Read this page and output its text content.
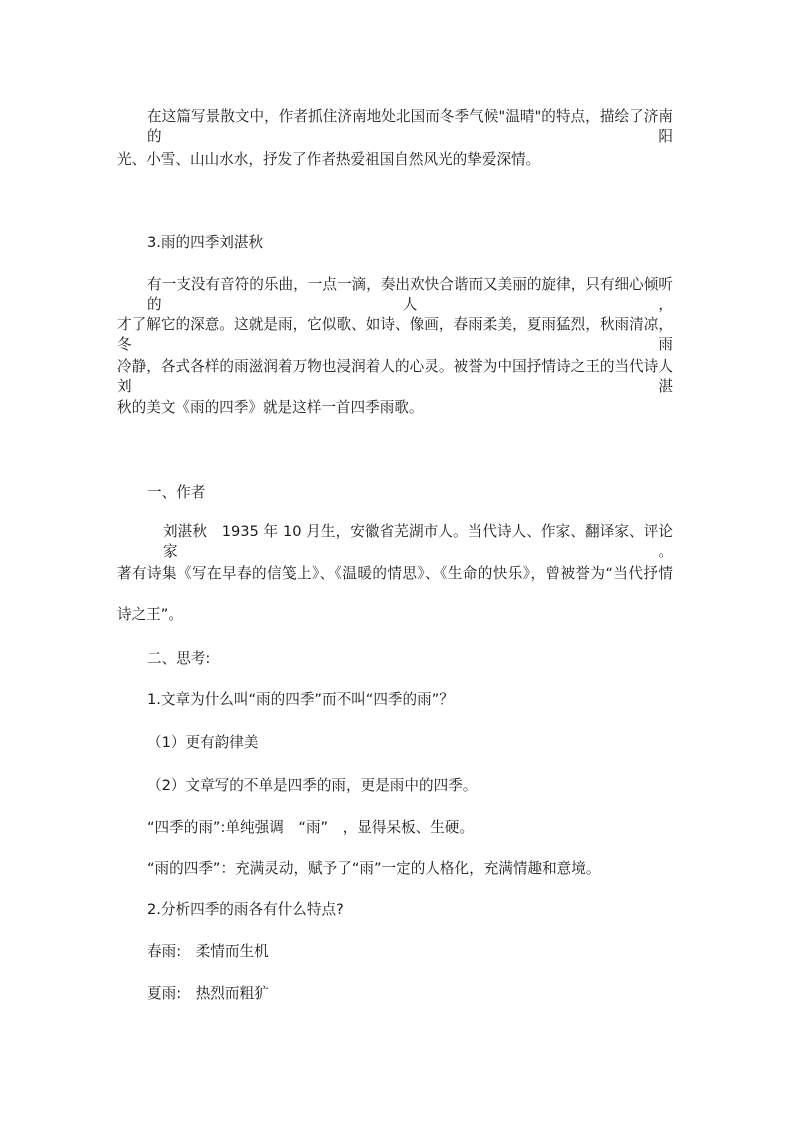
在这篇写景散文中，作者抓住济南地处北国而冬季气候"温晴"的特点，描绘了济南的阳
光、小雪、山山水水，抒发了作者热爱祖国自然风光的挚爱深情。
3.雨的四季刘湛秋
有一支没有音符的乐曲，一点一滴，奏出欢快合谐而又美丽的旋律，只有细心倾听的人，
才了解它的深意。这就是雨，它似歌、如诗、像画，春雨柔美，夏雨猛烈，秋雨清凉，冬雨
冷静，各式各样的雨滋润着万物也浸润着人的心灵。被誉为中国抒情诗之王的当代诗人刘湛
秋的美文《雨的四季》就是这样一首四季雨歌。
一、作者
刘湛秋　1935 年 10 月生，安徽省芜湖市人。当代诗人、作家、翻译家、评论家。
著有诗集《写在早春的信笺上》、《温暖的情思》、《生命的快乐》，曾被誉为“当代抒情
诗之王”。
二、思考:
1.文章为什么叫“雨的四季”而不叫“四季的雨”？
（1）更有韵律美
（2）文章写的不单是四季的雨，更是雨中的四季。
“四季的雨”:单纯强调　“雨”　，显得呆板、生硬。
“雨的四季”：充满灵动，赋予了“雨”一定的人格化，充满情趣和意境。
2.分析四季的雨各有什么特点?
春雨:　柔情而生机
夏雨:　热烈而粗犷
